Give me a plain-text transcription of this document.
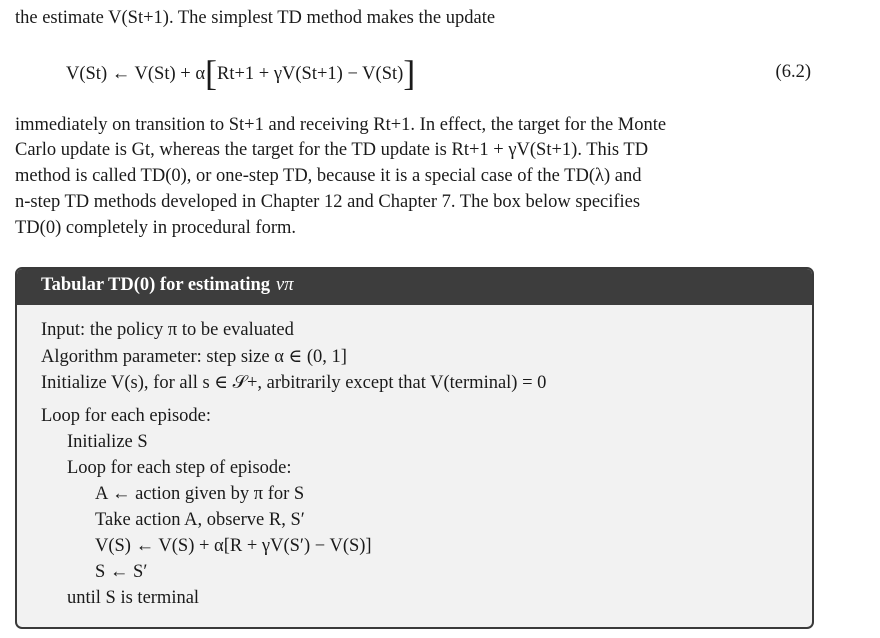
the estimate V(St+1). The simplest TD method makes the update
V(St) ← V(St) + α[Rt+1 + γV(St+1) − V(St)]	(6.2)
immediately on transition to St+1 and receiving Rt+1. In effect, the target for the Monte
Carlo update is Gt, whereas the target for the TD update is Rt+1 + γV(St+1). This TD
method is called TD(0), or one-step TD, because it is a special case of the TD(λ) and
n-step TD methods developed in Chapter 12 and Chapter 7. The box below specifies
TD(0) completely in procedural form.
Tabular TD(0) for estimating vπ
Input: the policy π to be evaluated
Algorithm parameter: step size α ∈ (0, 1]
Initialize V(s), for all s ∈ 𝒮+, arbitrarily except that V(terminal) = 0
Loop for each episode:
Initialize S
Loop for each step of episode:
A ← action given by π for S
Take action A, observe R, S′
V(S) ← V(S) + α[R + γV(S′) − V(S)]
S ← S′
until S is terminal
